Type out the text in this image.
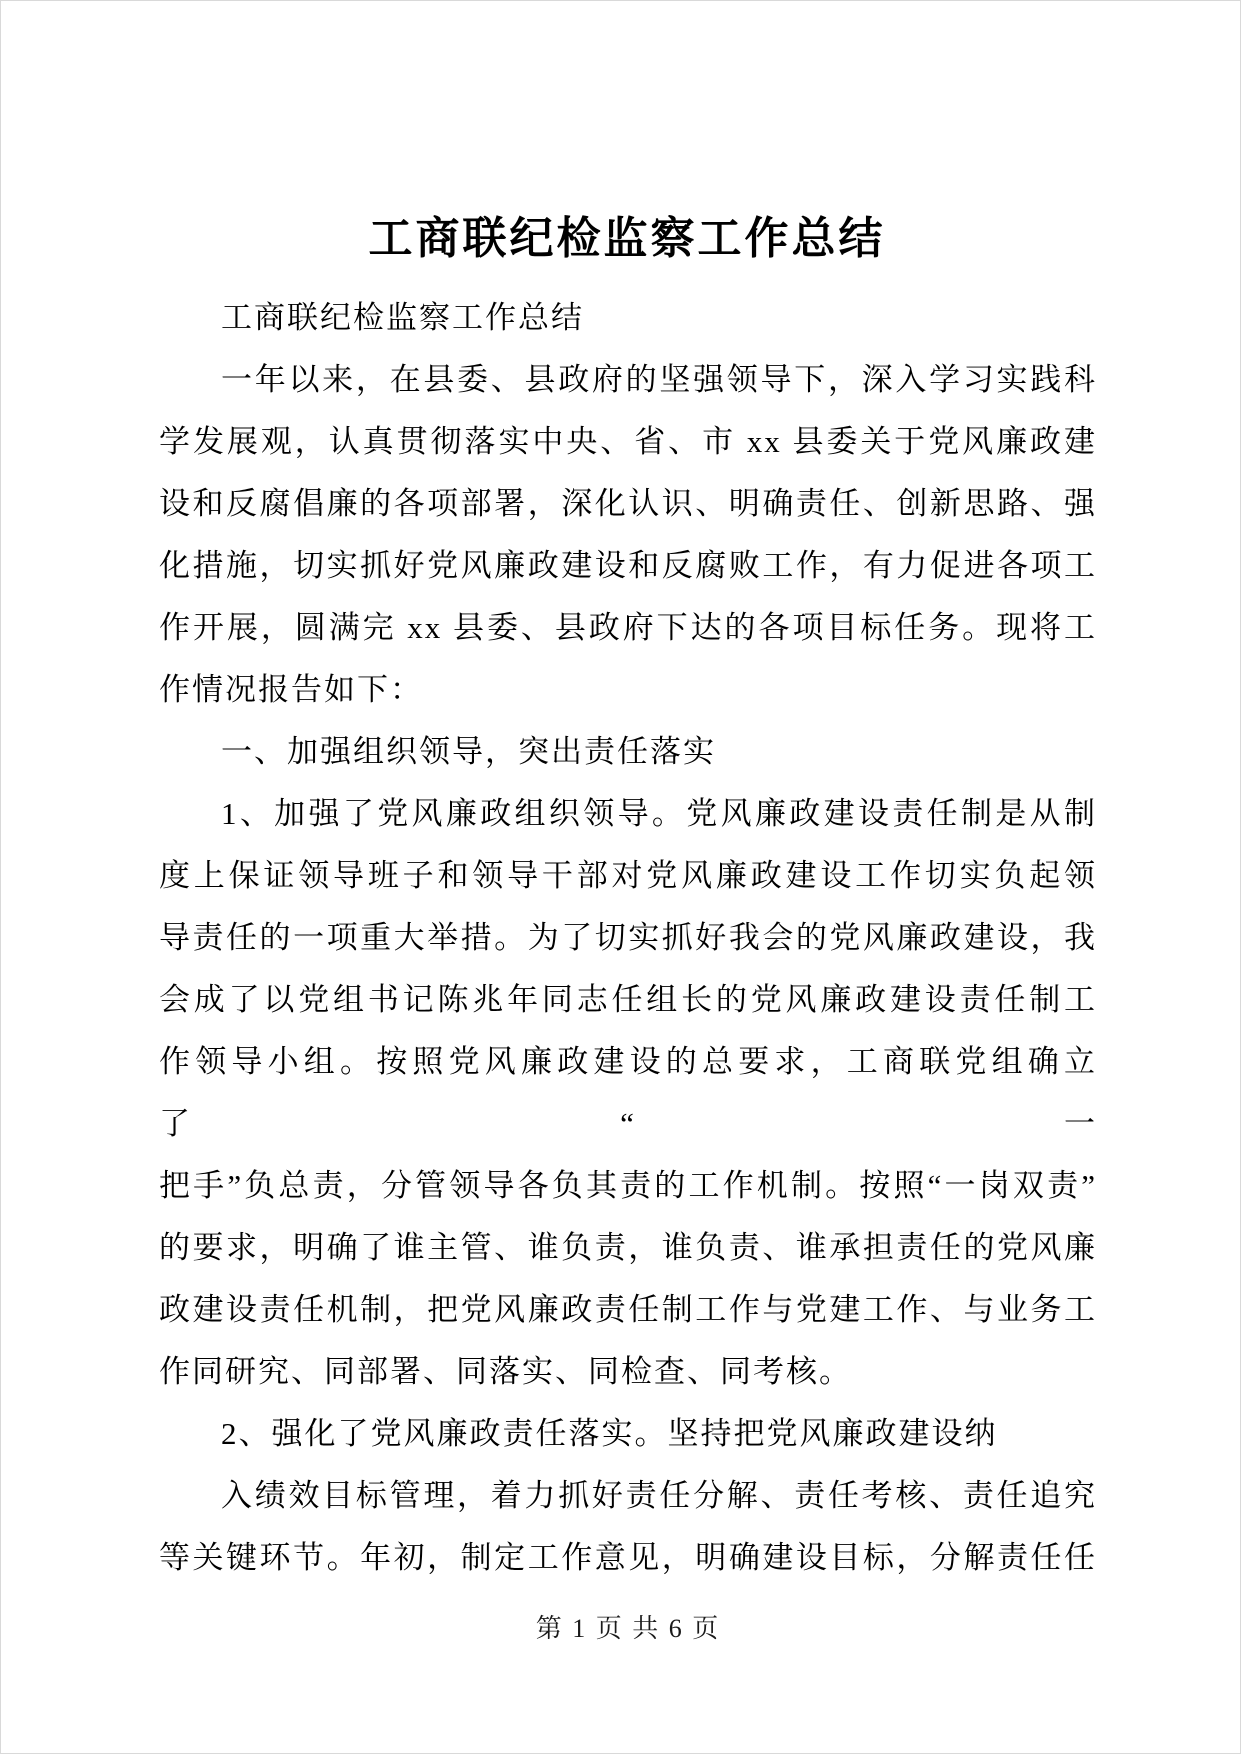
工商联纪检监察工作总结
工商联纪检监察工作总结
一年以来，在县委、县政府的坚强领导下，深入学习实践科
学发展观，认真贯彻落实中央、省、市 xx 县委关于党风廉政建
设和反腐倡廉的各项部署，深化认识、明确责任、创新思路、强
化措施，切实抓好党风廉政建设和反腐败工作，有力促进各项工
作开展，圆满完 xx 县委、县政府下达的各项目标任务。现将工
作情况报告如下：
一、加强组织领导，突出责任落实
1、加强了党风廉政组织领导。党风廉政建设责任制是从制
度上保证领导班子和领导干部对党风廉政建设工作切实负起领
导责任的一项重大举措。为了切实抓好我会的党风廉政建设，我
会成了以党组书记陈兆年同志任组长的党风廉政建设责任制工
作领导小组。按照党风廉政建设的总要求，工商联党组确立了“一
把手”负总责，分管领导各负其责的工作机制。按照“一岗双责”
的要求，明确了谁主管、谁负责，谁负责、谁承担责任的党风廉
政建设责任机制，把党风廉政责任制工作与党建工作、与业务工
作同研究、同部署、同落实、同检查、同考核。
2、强化了党风廉政责任落实。坚持把党风廉政建设纳
入绩效目标管理，着力抓好责任分解、责任考核、责任追究
等关键环节。年初，制定工作意见，明确建设目标，分解责任任
第 1 页 共 6 页
